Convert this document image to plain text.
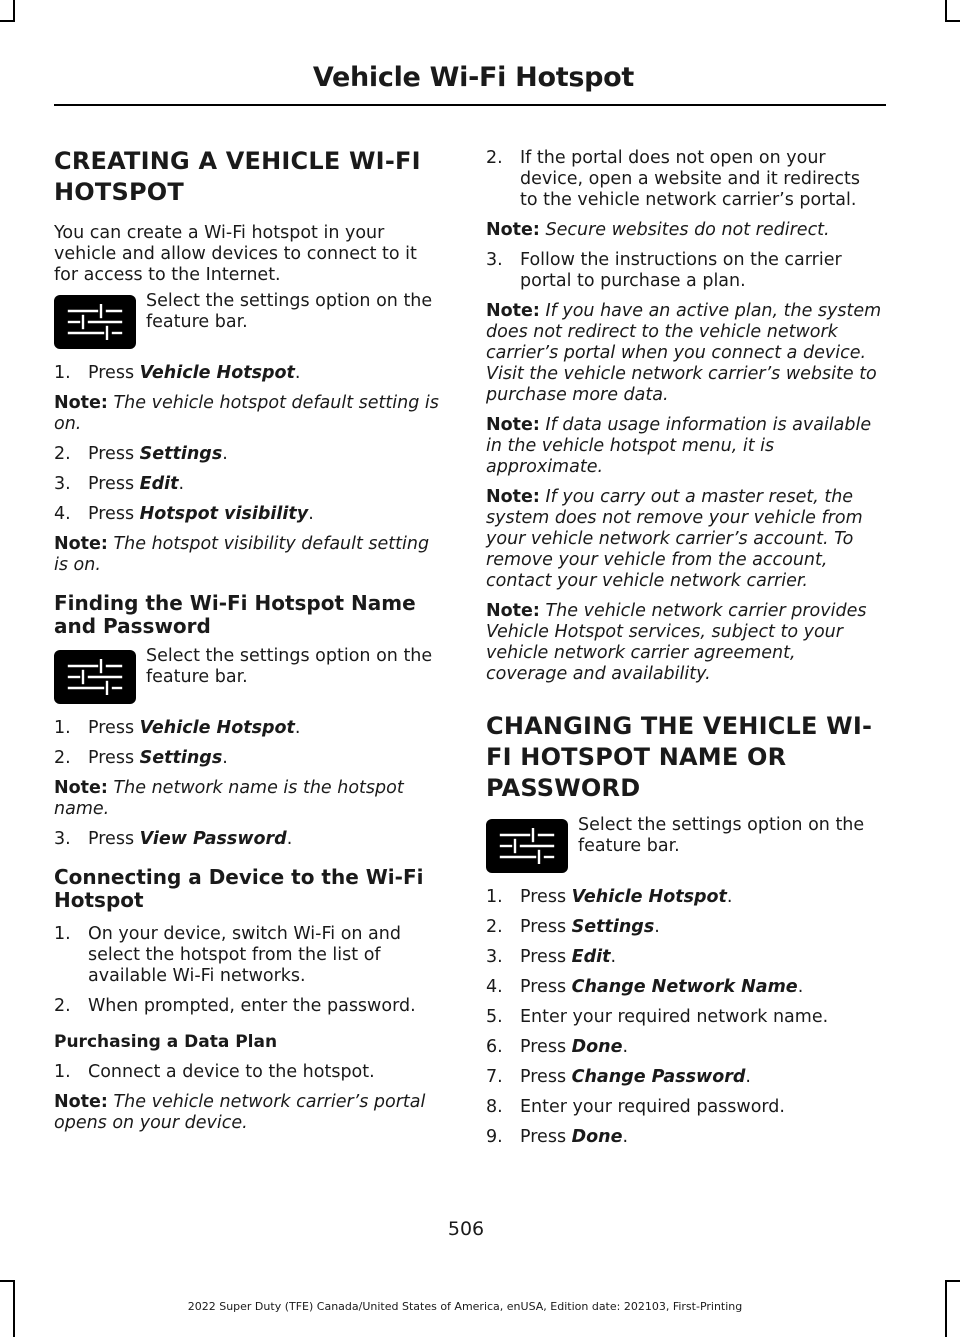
Vehicle Wi-Fi Hotspot
CREATING A VEHICLE WI-FI HOTSPOT
You can create a Wi-Fi hotspot in your vehicle and allow devices to connect to it for access to the Internet.
Select the settings option on the feature bar.
1. Press Vehicle Hotspot.
Note: The vehicle hotspot default setting is on.
2. Press Settings.
3. Press Edit.
4. Press Hotspot visibility.
Note: The hotspot visibility default setting is on.
Finding the Wi-Fi Hotspot Name and Password
Select the settings option on the feature bar.
1. Press Vehicle Hotspot.
2. Press Settings.
Note: The network name is the hotspot name.
3. Press View Password.
Connecting a Device to the Wi-Fi Hotspot
1. On your device, switch Wi-Fi on and select the hotspot from the list of available Wi-Fi networks.
2. When prompted, enter the password.
Purchasing a Data Plan
1. Connect a device to the hotspot.
Note: The vehicle network carrier’s portal opens on your device.
2. If the portal does not open on your device, open a website and it redirects to the vehicle network carrier’s portal.
Note: Secure websites do not redirect.
3. Follow the instructions on the carrier portal to purchase a plan.
Note: If you have an active plan, the system does not redirect to the vehicle network carrier’s portal when you connect a device. Visit the vehicle network carrier’s website to purchase more data.
Note: If data usage information is available in the vehicle hotspot menu, it is approximate.
Note: If you carry out a master reset, the system does not remove your vehicle from your vehicle network carrier’s account. To remove your vehicle from the account, contact your vehicle network carrier.
Note: The vehicle network carrier provides Vehicle Hotspot services, subject to your vehicle network carrier agreement, coverage and availability.
CHANGING THE VEHICLE WI-FI HOTSPOT NAME OR PASSWORD
Select the settings option on the feature bar.
1. Press Vehicle Hotspot.
2. Press Settings.
3. Press Edit.
4. Press Change Network Name.
5. Enter your required network name.
6. Press Done.
7. Press Change Password.
8. Enter your required password.
9. Press Done.
506
2022 Super Duty (TFE) Canada/United States of America, enUSA, Edition date: 202103, First-Printing
